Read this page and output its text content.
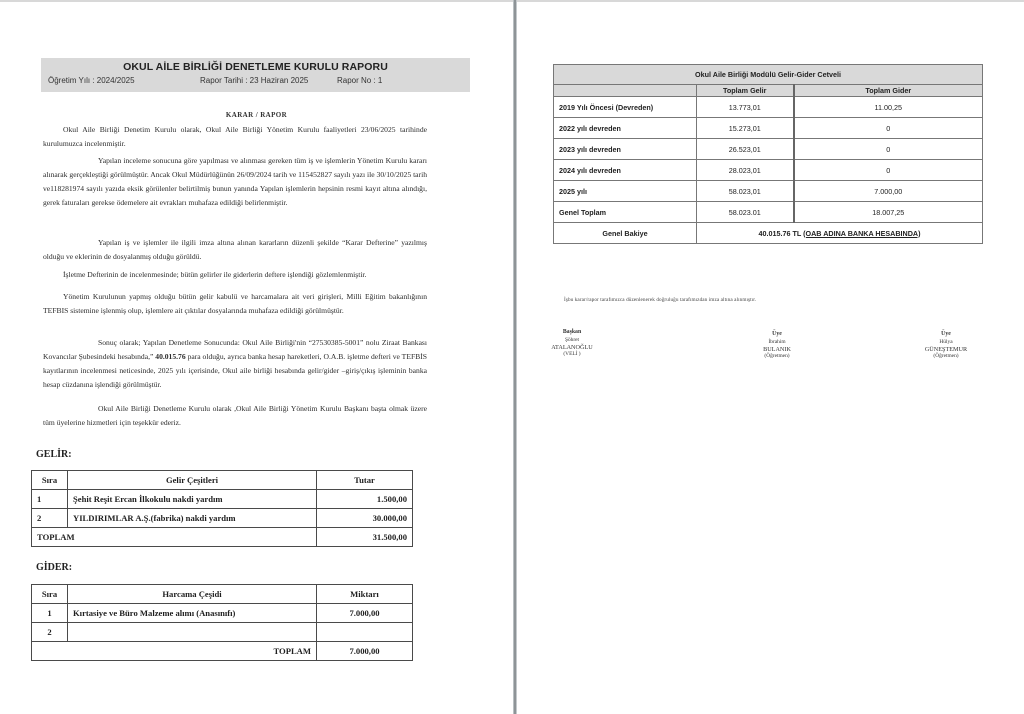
OKUL AİLE BİRLİĞİ DENETLEME KURULU RAPORU
Öğretim Yılı : 2024/2025	Rapor Tarihi : 23 Haziran 2025	Rapor No : 1
KARAR / RAPOR
Okul Aile Birliği Denetim Kurulu olarak, Okul Aile Birliği Yönetim Kurulu faaliyetleri 23/06/2025 tarihinde kurulumuzca incelenmiştir.
Yapılan inceleme sonucuna göre yapılması ve alınması gereken tüm iş ve işlemlerin Yönetim Kurulu kararı alınarak gerçekleştiği görülmüştür. Ancak Okul Müdürlüğünün 26/09/2024 tarih ve 115452827 sayılı yazı ile 30/10/2025 tarih ve118281974 sayılı yazıda eksik görülenler belirtilmiş bunun yanında Yapılan işlemlerin hepsinin resmi kayıt altına alındığı, gerek faturaları gerekse ödemelere ait evrakları muhafaza edildiği belirlenmiştir.
Yapılan iş ve işlemler ile ilgili imza altına alınan kararların düzenli şekilde “Karar Defterine” yazılmış olduğu ve eklerinin de dosyalanmış olduğu görüldü.
İşletme Defterinin de incelenmesinde; bütün gelirler ile giderlerin deftere işlendiği gözlemlenmiştir.
Yönetim Kurulunun yapmış olduğu bütün gelir kabulü ve harcamalara ait veri girişleri, Milli Eğitim bakanlığının TEFBIS sistemine işlenmiş olup, işlemlere ait çıktılar dosyalarında muhafaza edildiği görülmüştür.
Sonuç olarak; Yapılan Denetleme Sonucunda: Okul Aile Birliği'nin “27530385-5001” nolu Ziraat Bankası Kovancılar Şubesindeki hesabında,” 40.015.76 para olduğu, ayrıca banka hesap hareketleri, O.A.B. işletme defteri ve TEFBİS kayıtlarının incelenmesi neticesinde, 2025 yılı içerisinde, Okul aile birliği hesabında gelir/gider –giriş/çıkış işleminin banka hesap cüzdanına işlendiği görülmüştür.
Okul Aile Birliği Denetleme Kurulu olarak ,Okul Aile Birliği Yönetim Kurulu Başkanı başta olmak üzere tüm üyelerine hizmetleri için teşekkür ederiz.
GELİR:
Sıra	Gelir Çeşitleri	Tutar
1	Şehit Reşit Ercan İlkokulu nakdi yardım	1.500,00
2	YILDIRIMLAR A.Ş.(fabrika) nakdi yardım	30.000,00
TOPLAM		31.500,00
GİDER:
Sıra	Harcama Çeşidi	Miktarı
1	Kırtasiye ve Büro Malzeme alımı (Anasınıfı)	7.000,00
2		
TOPLAM		7.000,00
Okul Aile Birliği Modülü Gelir-Gider Cetveli		
	Toplam Gelir	Toplam Gider
2019 Yılı Öncesi (Devreden)	13.773,01	11.00,25
2022 yılı devreden	15.273,01	0
2023 yılı devreden	26.523,01	0
2024 yılı devreden	28.023,01	0
2025 yılı	58.023,01	7.000,00
Genel Toplam	58.023.01	18.007,25
Genel Bakiye	40.015.76 TL (OAB ADINA BANKA HESABINDA)	
İşbu karar/rapor tarafımızca düzenlenerek doğruluğu tarafımızdan imza altına alınmıştır.
Başkan
Şöhret
ATALANOĞLU
(VELİ )
Üye
İbrahim
BULANIK
(Öğretmen)
Üye
Hülya
GÜNEŞTEMUR
(Öğretmen)
